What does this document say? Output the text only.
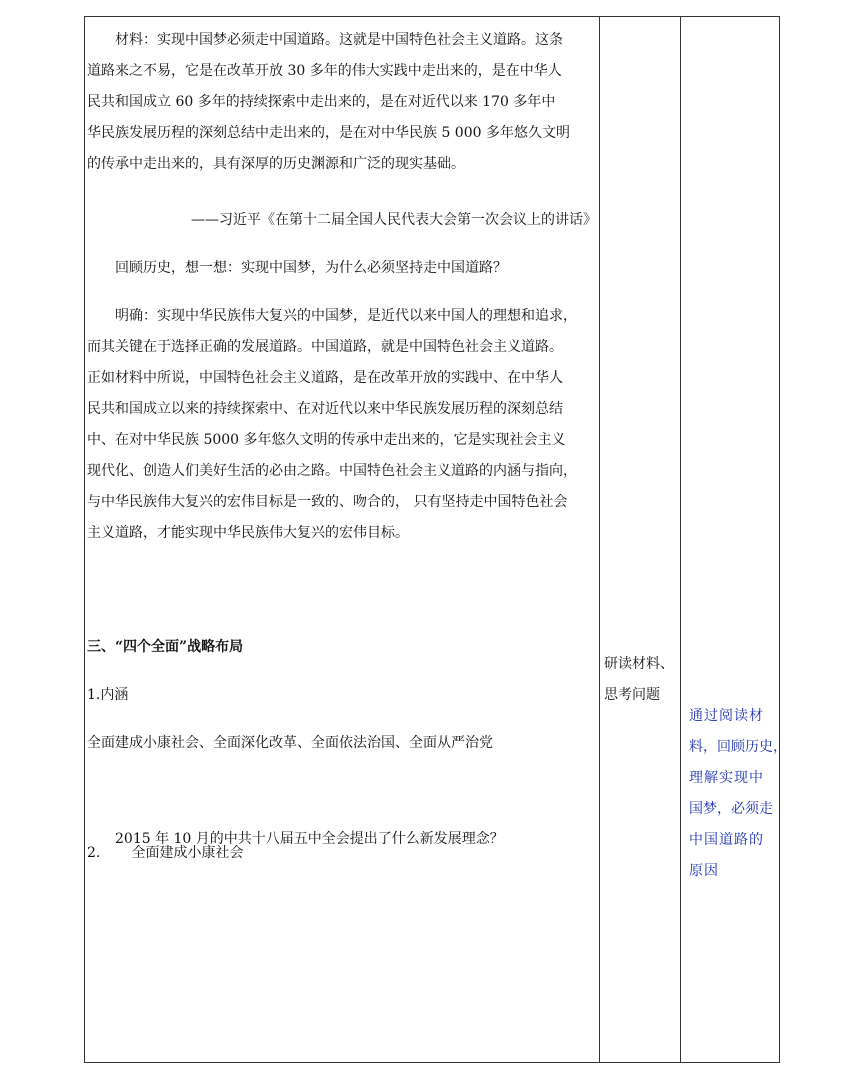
　　材料：实现中国梦必须走中国道路。这就是中国特色社会主义道路。这条
道路来之不易，它是在改革开放 30 多年的伟大实践中走出来的，是在中华人
民共和国成立 60 多年的持续探索中走出来的，是在对近代以来 170 多年中
华民族发展历程的深刻总结中走出来的，是在对中华民族 5 000 多年悠久文明
的传承中走出来的，具有深厚的历史渊源和广泛的现实基础。
——习近平《在第十二届全国人民代表大会第一次会议上的讲话》
　　回顾历史，想一想：实现中国梦，为什么必须坚持走中国道路？
　　明确：实现中华民族伟大复兴的中国梦，是近代以来中国人的理想和追求，
而其关键在于选择正确的发展道路。中国道路，就是中国特色社会主义道路。
正如材料中所说，中国特色社会主义道路，是在改革开放的实践中、在中华人
民共和国成立以来的持续探索中、在对近代以来中华民族发展历程的深刻总结
中、在对中华民族 5000 多年悠久文明的传承中走出来的，它是实现社会主义
现代化、创造人们美好生活的必由之路。中国特色社会主义道路的内涵与指向，
与中华民族伟大复兴的宏伟目标是一致的、吻合的， 只有坚持走中国特色社会
主义道路，才能实现中华民族伟大复兴的宏伟目标。
三、“四个全面”战略布局
1.内涵
全面建成小康社会、全面深化改革、全面依法治国、全面从严治党

2.       全面建成小康社会

　　2015 年 10 月的中共十八届五中全会提出了什么新发展理念？
研读材料、
思考问题
通过阅读材
料，回顾历史，
理解实现中
国梦，必须走
中国道路的
原因
